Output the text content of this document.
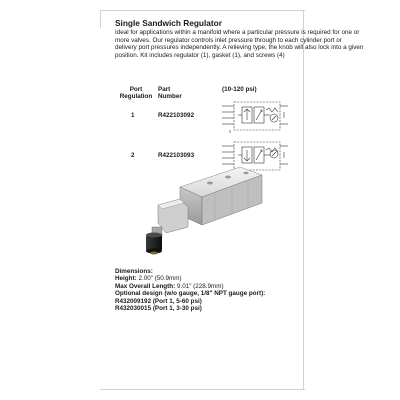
Single Sandwich Regulator
Ideal for applications within a manifold where a particular pressure is required for one or more valves. Our regulator controls inlet pressure through to each cylinder port or delivery port pressures independently. A relieving type, the knob will also lock into a given position. Kit includes regulator (1), gasket (1), and screws (4)
Port Regulation
Part Number
(10-120 psi)
1	R422103092
2	R422103093
Dimensions:
Height: 2.00" (50.9mm)
Max Overall Length: 9.01" (228.9mm)
Optional design (w/o gauge, 1/8" NPT gauge port):
R432009192 (Port 1, 5-60 psi)
R432030015 (Port 1, 3-30 psi)
